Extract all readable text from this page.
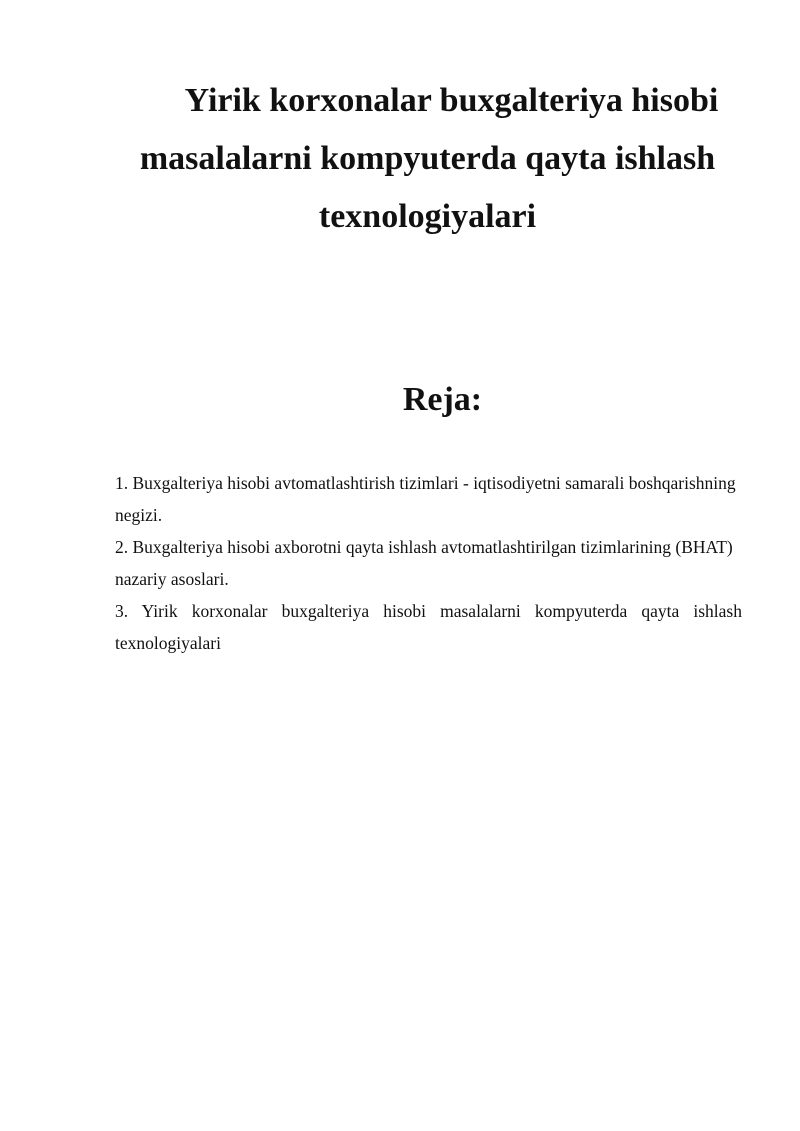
Yirik korxonalar buxgalteriya hisobi masalalarni kompyuterda qayta ishlash texnologiyalari
Reja:
1. Buxgalteriya hisobi avtomatlashtirish tizimlari - iqtisodiyetni samarali boshqarishning negizi.
2. Buxgalteriya hisobi axborotni qayta ishlash avtomatlashtirilgan tizimlarining (BHAT) nazariy asoslari.
3. Yirik korxonalar buxgalteriya hisobi masalalarni kompyuterda qayta ishlash texnologiyalari
